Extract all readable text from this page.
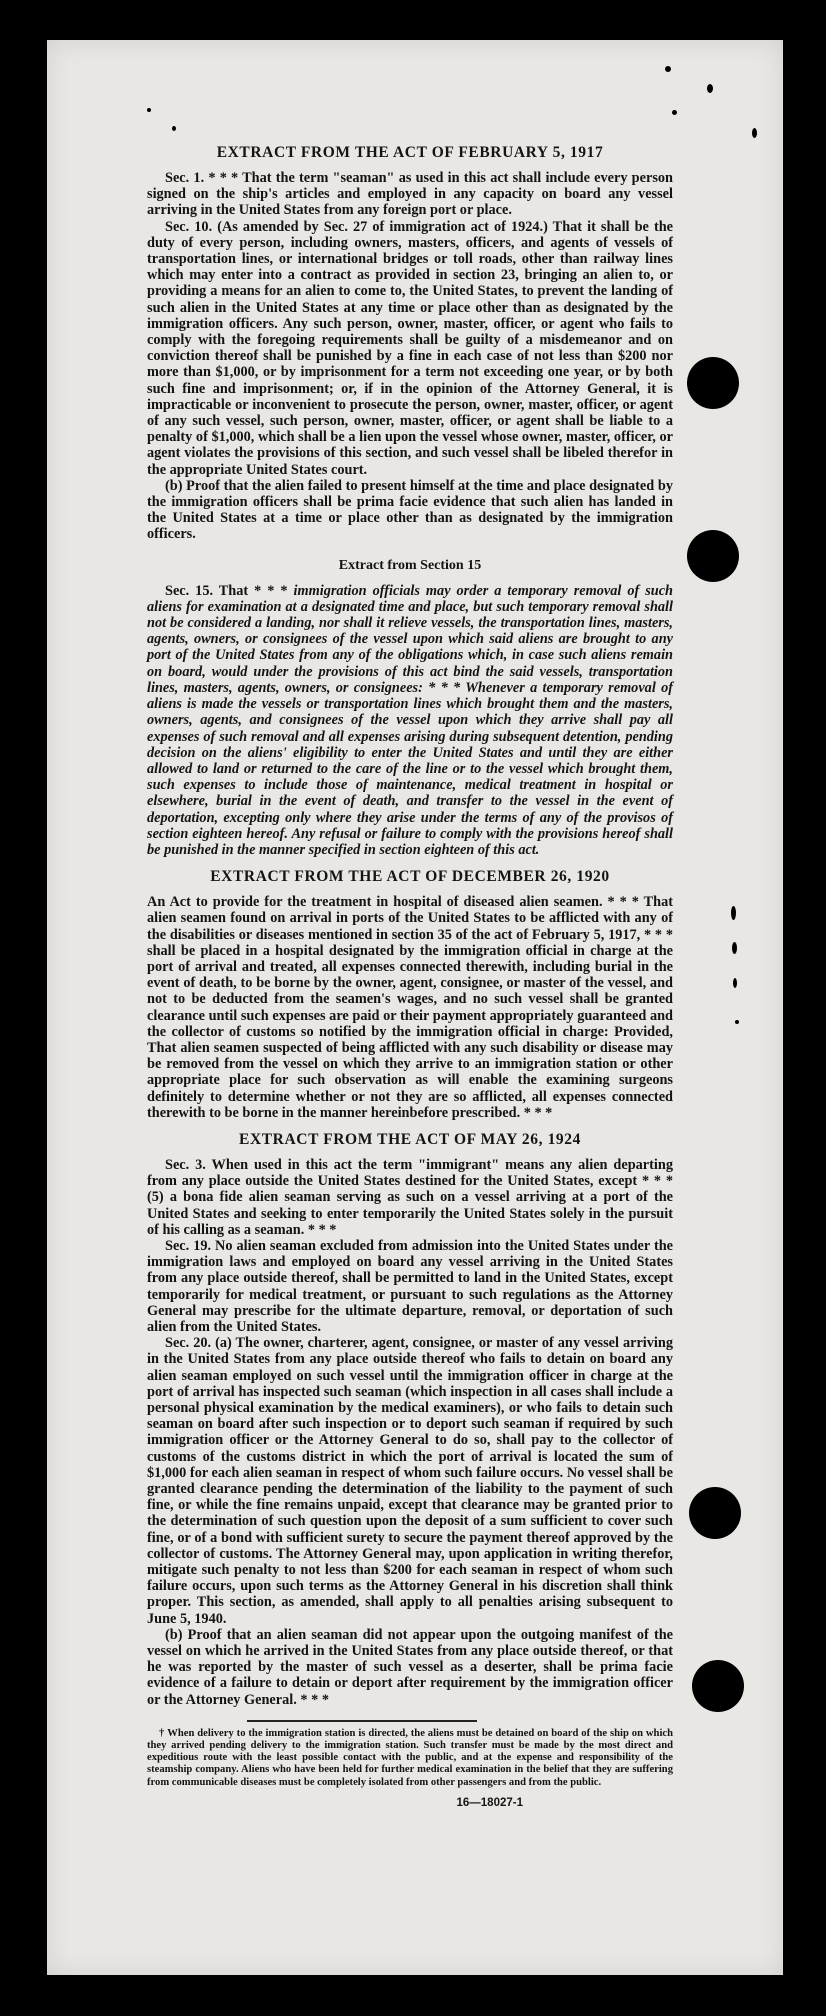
EXTRACT FROM THE ACT OF FEBRUARY 5, 1917

Sec. 1. * * * That the term "seaman" as used in this act shall include every person signed on the ship's articles and employed in any capacity on board any vessel arriving in the United States from any foreign port or place.

Sec. 10. (As amended by Sec. 27 of immigration act of 1924.) That it shall be the duty of every person, including owners, masters, officers, and agents of vessels of transportation lines, or international bridges or toll roads, other than railway lines which may enter into a contract as provided in section 23, bringing an alien to, or providing a means for an alien to come to, the United States, to prevent the landing of such alien in the United States at any time or place other than as designated by the immigration officers. Any such person, owner, master, officer, or agent who fails to comply with the foregoing requirements shall be guilty of a misdemeanor and on conviction thereof shall be punished by a fine in each case of not less than $200 nor more than $1,000, or by imprisonment for a term not exceeding one year, or by both such fine and imprisonment; or, if in the opinion of the Attorney General, it is impracticable or inconvenient to prosecute the person, owner, master, officer, or agent of any such vessel, such person, owner, master, officer, or agent shall be liable to a penalty of $1,000, which shall be a lien upon the vessel whose owner, master, officer, or agent violates the provisions of this section, and such vessel shall be libeled therefor in the appropriate United States court.

(b) Proof that the alien failed to present himself at the time and place designated by the immigration officers shall be prima facie evidence that such alien has landed in the United States at a time or place other than as designated by the immigration officers.

Extract from Section 15

Sec. 15. That * * * immigration officials may order a temporary removal of such aliens for examination at a designated time and place, but such temporary removal shall not be considered a landing, nor shall it relieve vessels, the transportation lines, masters, agents, owners, or consignees of the vessel upon which said aliens are brought to any port of the United States from any of the obligations which, in case such aliens remain on board, would under the provisions of this act bind the said vessels, transportation lines, masters, agents, owners, or consignees: * * * Whenever a temporary removal of aliens is made the vessels or transportation lines which brought them and the masters, owners, agents, and consignees of the vessel upon which they arrive shall pay all expenses of such removal and all expenses arising during subsequent detention, pending decision on the aliens' eligibility to enter the United States and until they are either allowed to land or returned to the care of the line or to the vessel which brought them, such expenses to include those of maintenance, medical treatment in hospital or elsewhere, burial in the event of death, and transfer to the vessel in the event of deportation, excepting only where they arise under the terms of any of the provisos of section eighteen hereof. Any refusal or failure to comply with the provisions hereof shall be punished in the manner specified in section eighteen of this act.

EXTRACT FROM THE ACT OF DECEMBER 26, 1920

An Act to provide for the treatment in hospital of diseased alien seamen. * * * That alien seamen found on arrival in ports of the United States to be afflicted with any of the disabilities or diseases mentioned in section 35 of the act of February 5, 1917, * * * shall be placed in a hospital designated by the immigration official in charge at the port of arrival and treated, all expenses connected therewith, including burial in the event of death, to be borne by the owner, agent, consignee, or master of the vessel, and not to be deducted from the seamen's wages, and no such vessel shall be granted clearance until such expenses are paid or their payment appropriately guaranteed and the collector of customs so notified by the immigration official in charge: Provided, That alien seamen suspected of being afflicted with any such disability or disease may be removed from the vessel on which they arrive to an immigration station or other appropriate place for such observation as will enable the examining surgeons definitely to determine whether or not they are so afflicted, all expenses connected therewith to be borne in the manner hereinbefore prescribed. * * *

EXTRACT FROM THE ACT OF MAY 26, 1924

Sec. 3. When used in this act the term "immigrant" means any alien departing from any place outside the United States destined for the United States, except * * * (5) a bona fide alien seaman serving as such on a vessel arriving at a port of the United States and seeking to enter temporarily the United States solely in the pursuit of his calling as a seaman. * * *

Sec. 19. No alien seaman excluded from admission into the United States under the immigration laws and employed on board any vessel arriving in the United States from any place outside thereof, shall be permitted to land in the United States, except temporarily for medical treatment, or pursuant to such regulations as the Attorney General may prescribe for the ultimate departure, removal, or deportation of such alien from the United States.

Sec. 20. (a) The owner, charterer, agent, consignee, or master of any vessel arriving in the United States from any place outside thereof who fails to detain on board any alien seaman employed on such vessel until the immigration officer in charge at the port of arrival has inspected such seaman (which inspection in all cases shall include a personal physical examination by the medical examiners), or who fails to detain such seaman on board after such inspection or to deport such seaman if required by such immigration officer or the Attorney General to do so, shall pay to the collector of customs of the customs district in which the port of arrival is located the sum of $1,000 for each alien seaman in respect of whom such failure occurs. No vessel shall be granted clearance pending the determination of the liability to the payment of such fine, or while the fine remains unpaid, except that clearance may be granted prior to the determination of such question upon the deposit of a sum sufficient to cover such fine, or of a bond with sufficient surety to secure the payment thereof approved by the collector of customs. The Attorney General may, upon application in writing therefor, mitigate such penalty to not less than $200 for each seaman in respect of whom such failure occurs, upon such terms as the Attorney General in his discretion shall think proper. This section, as amended, shall apply to all penalties arising subsequent to June 5, 1940.

(b) Proof that an alien seaman did not appear upon the outgoing manifest of the vessel on which he arrived in the United States from any place outside thereof, or that he was reported by the master of such vessel as a deserter, shall be prima facie evidence of a failure to detain or deport after requirement by the immigration officer or the Attorney General. * * *

† When delivery to the immigration station is directed, the aliens must be detained on board of the ship on which they arrived pending delivery to the immigration station. Such transfer must be made by the most direct and expeditious route with the least possible contact with the public, and at the expense and responsibility of the steamship company. Aliens who have been held for further medical examination in the belief that they are suffering from communicable diseases must be completely isolated from other passengers and from the public.

16—18027-1
